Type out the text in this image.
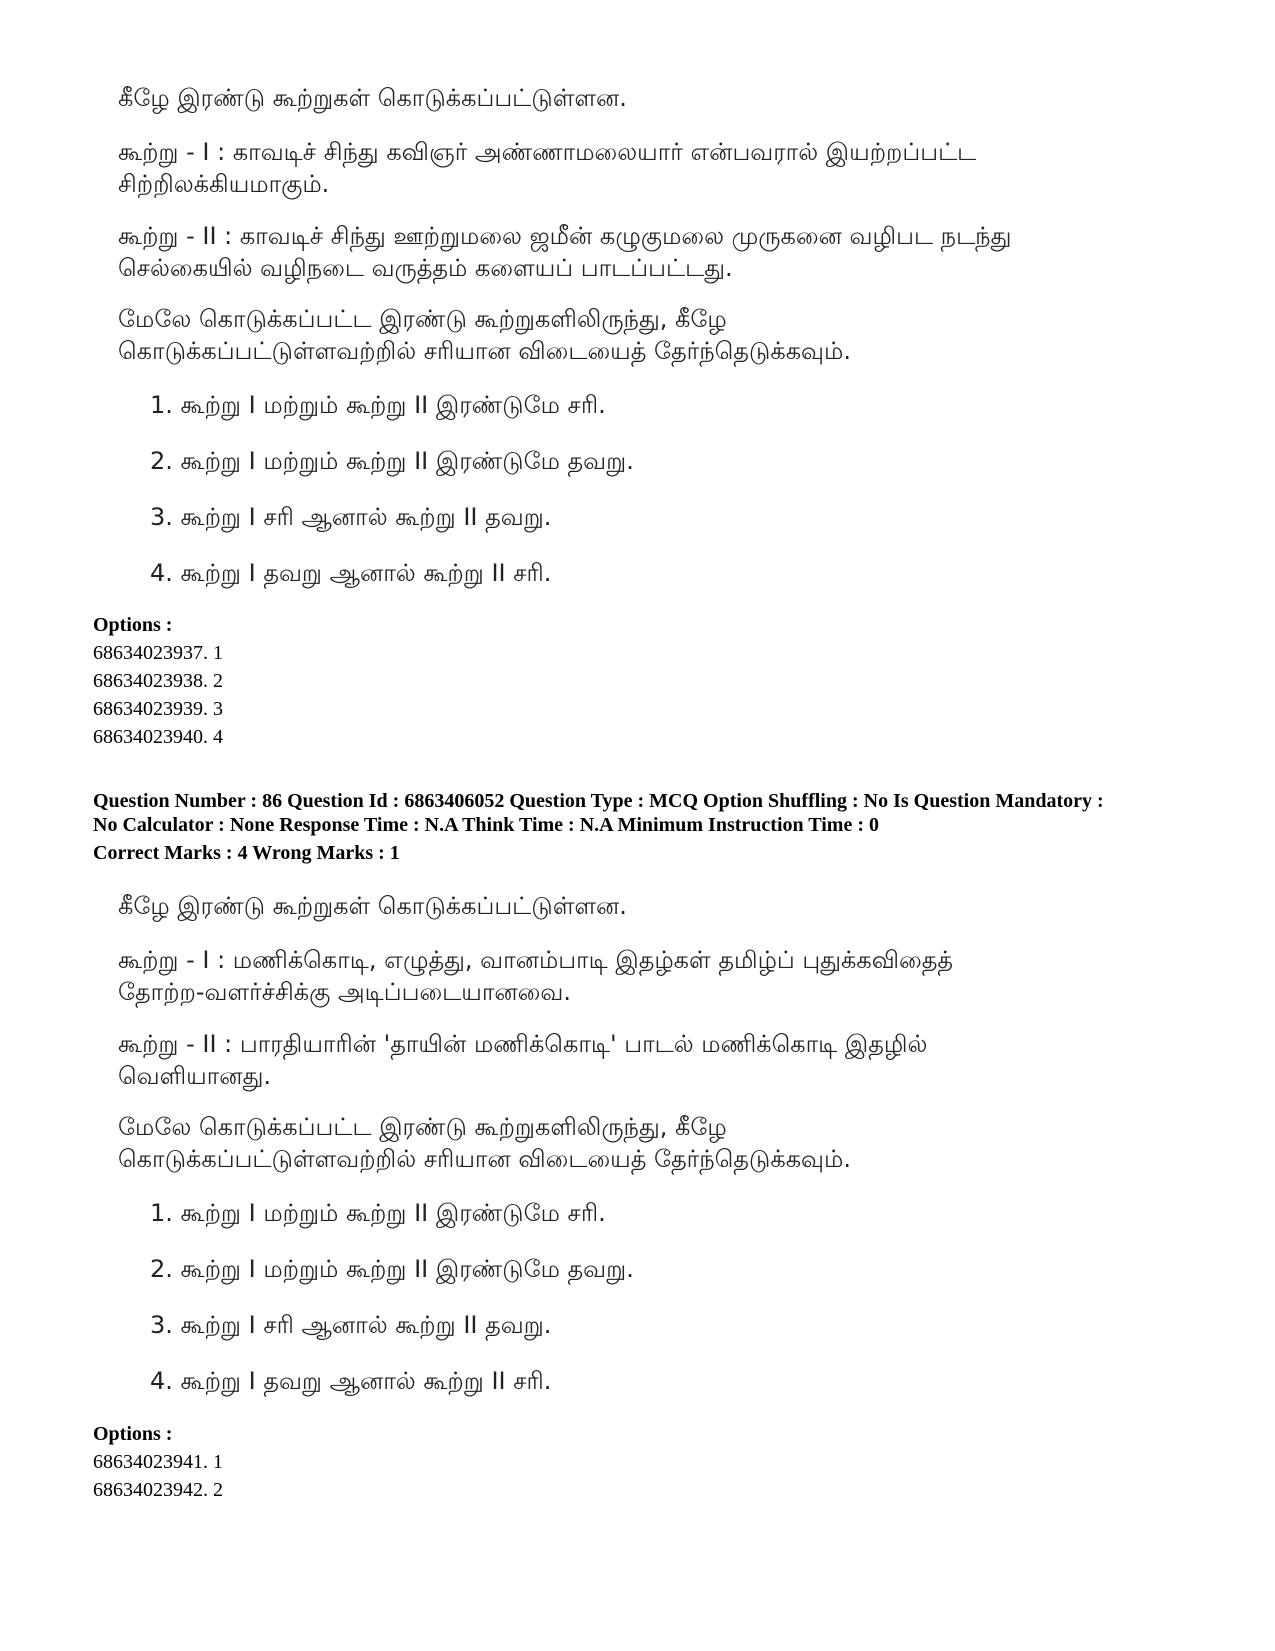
கீழே இரண்டு கூற்றுகள் கொடுக்கப்பட்டுள்ளன.

கூற்று - I : காவடிச் சிந்து கவிஞர் அண்ணாமலையார் என்பவரால் இயற்றப்பட்ட
சிற்றிலக்கியமாகும்.

கூற்று - II : காவடிச் சிந்து ஊற்றுமலை ஜமீன் கழுகுமலை முருகனை வழிபட நடந்து
செல்கையில் வழிநடை வருத்தம் களையப் பாடப்பட்டது.

மேலே கொடுக்கப்பட்ட இரண்டு கூற்றுகளிலிருந்து, கீழே
கொடுக்கப்பட்டுள்ளவற்றில் சரியான விடையைத் தேர்ந்தெடுக்கவும்.

1. கூற்று I மற்றும் கூற்று II இரண்டுமே சரி.
2. கூற்று I மற்றும் கூற்று II இரண்டுமே தவறு.
3. கூற்று I சரி ஆனால் கூற்று II தவறு.
4. கூற்று I தவறு ஆனால் கூற்று II சரி.
Options :
68634023937. 1
68634023938. 2
68634023939. 3
68634023940. 4
Question Number : 86 Question Id : 6863406052 Question Type : MCQ Option Shuffling : No Is Question Mandatory :
No Calculator : None Response Time : N.A Think Time : N.A Minimum Instruction Time : 0
Correct Marks : 4 Wrong Marks : 1

கீழே இரண்டு கூற்றுகள் கொடுக்கப்பட்டுள்ளன.

கூற்று - I : மணிக்கொடி, எழுத்து, வானம்பாடி இதழ்கள் தமிழ்ப் புதுக்கவிதைத்
தோற்ற-வளர்ச்சிக்கு அடிப்படையானவை.

கூற்று - II : பாரதியாரின் 'தாயின் மணிக்கொடி' பாடல் மணிக்கொடி இதழில்
வெளியானது.

மேலே கொடுக்கப்பட்ட இரண்டு கூற்றுகளிலிருந்து, கீழே
கொடுக்கப்பட்டுள்ளவற்றில் சரியான விடையைத் தேர்ந்தெடுக்கவும்.

1. கூற்று I மற்றும் கூற்று II இரண்டுமே சரி.
2. கூற்று I மற்றும் கூற்று II இரண்டுமே தவறு.
3. கூற்று I சரி ஆனால் கூற்று II தவறு.
4. கூற்று I தவறு ஆனால் கூற்று II சரி.
Options :
68634023941. 1
68634023942. 2
